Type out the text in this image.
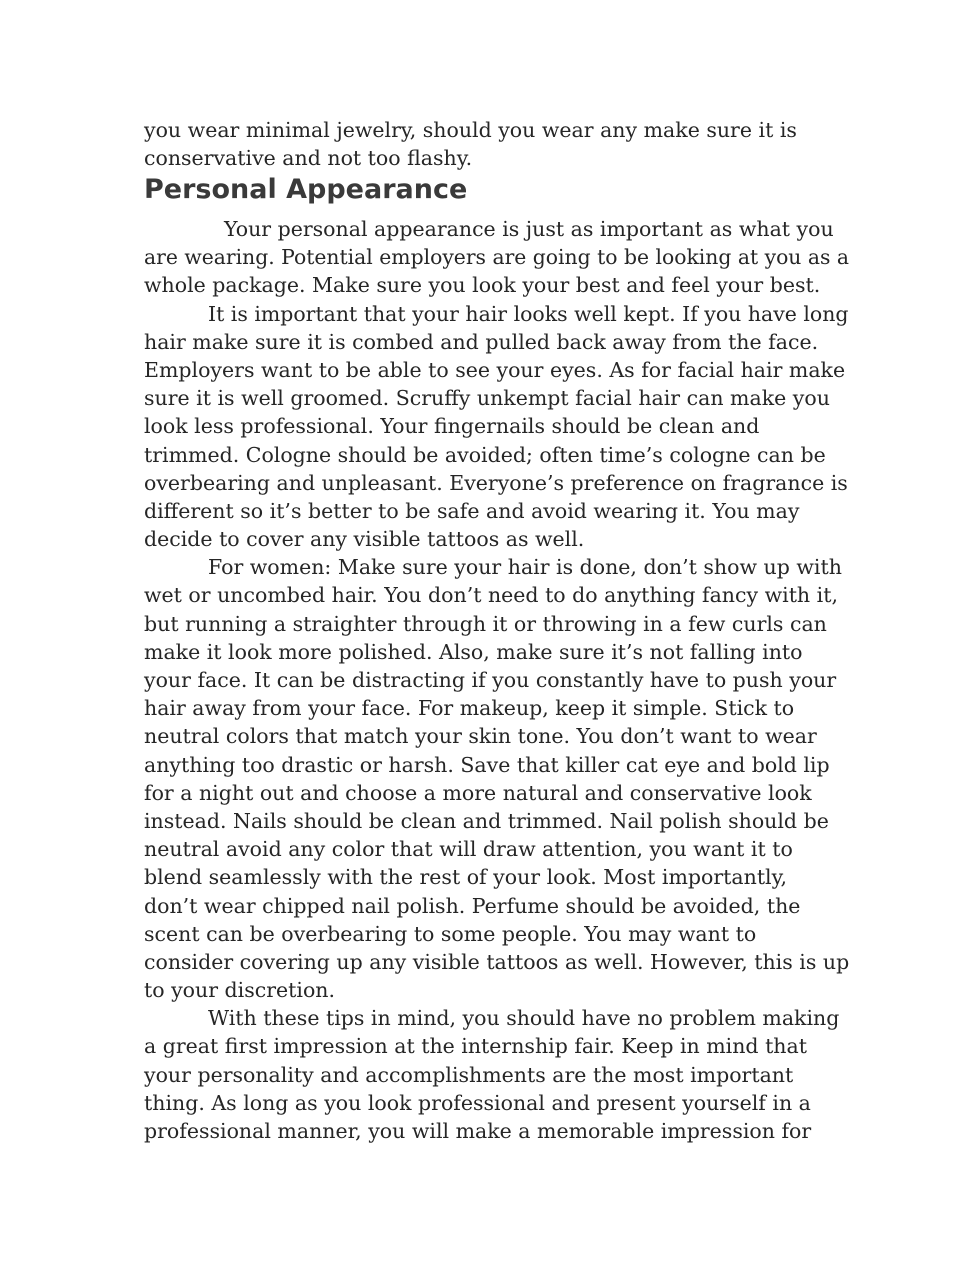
you wear minimal jewelry, should you wear any make sure it is
conservative and not too flashy.
Personal Appearance
Your personal appearance is just as important as what you
are wearing. Potential employers are going to be looking at you as a
whole package. Make sure you look your best and feel your best.
It is important that your hair looks well kept. If you have long
hair make sure it is combed and pulled back away from the face.
Employers want to be able to see your eyes. As for facial hair make
sure it is well groomed. Scruffy unkempt facial hair can make you
look less professional. Your fingernails should be clean and
trimmed. Cologne should be avoided; often time’s cologne can be
overbearing and unpleasant. Everyone’s preference on fragrance is
different so it’s better to be safe and avoid wearing it. You may
decide to cover any visible tattoos as well.
For women: Make sure your hair is done, don’t show up with
wet or uncombed hair. You don’t need to do anything fancy with it,
but running a straighter through it or throwing in a few curls can
make it look more polished. Also, make sure it’s not falling into
your face. It can be distracting if you constantly have to push your
hair away from your face. For makeup, keep it simple. Stick to
neutral colors that match your skin tone. You don’t want to wear
anything too drastic or harsh. Save that killer cat eye and bold lip
for a night out and choose a more natural and conservative look
instead. Nails should be clean and trimmed. Nail polish should be
neutral avoid any color that will draw attention, you want it to
blend seamlessly with the rest of your look. Most importantly,
don’t wear chipped nail polish. Perfume should be avoided, the
scent can be overbearing to some people. You may want to
consider covering up any visible tattoos as well. However, this is up
to your discretion.
With these tips in mind, you should have no problem making
a great first impression at the internship fair. Keep in mind that
your personality and accomplishments are the most important
thing. As long as you look professional and present yourself in a
professional manner, you will make a memorable impression for
